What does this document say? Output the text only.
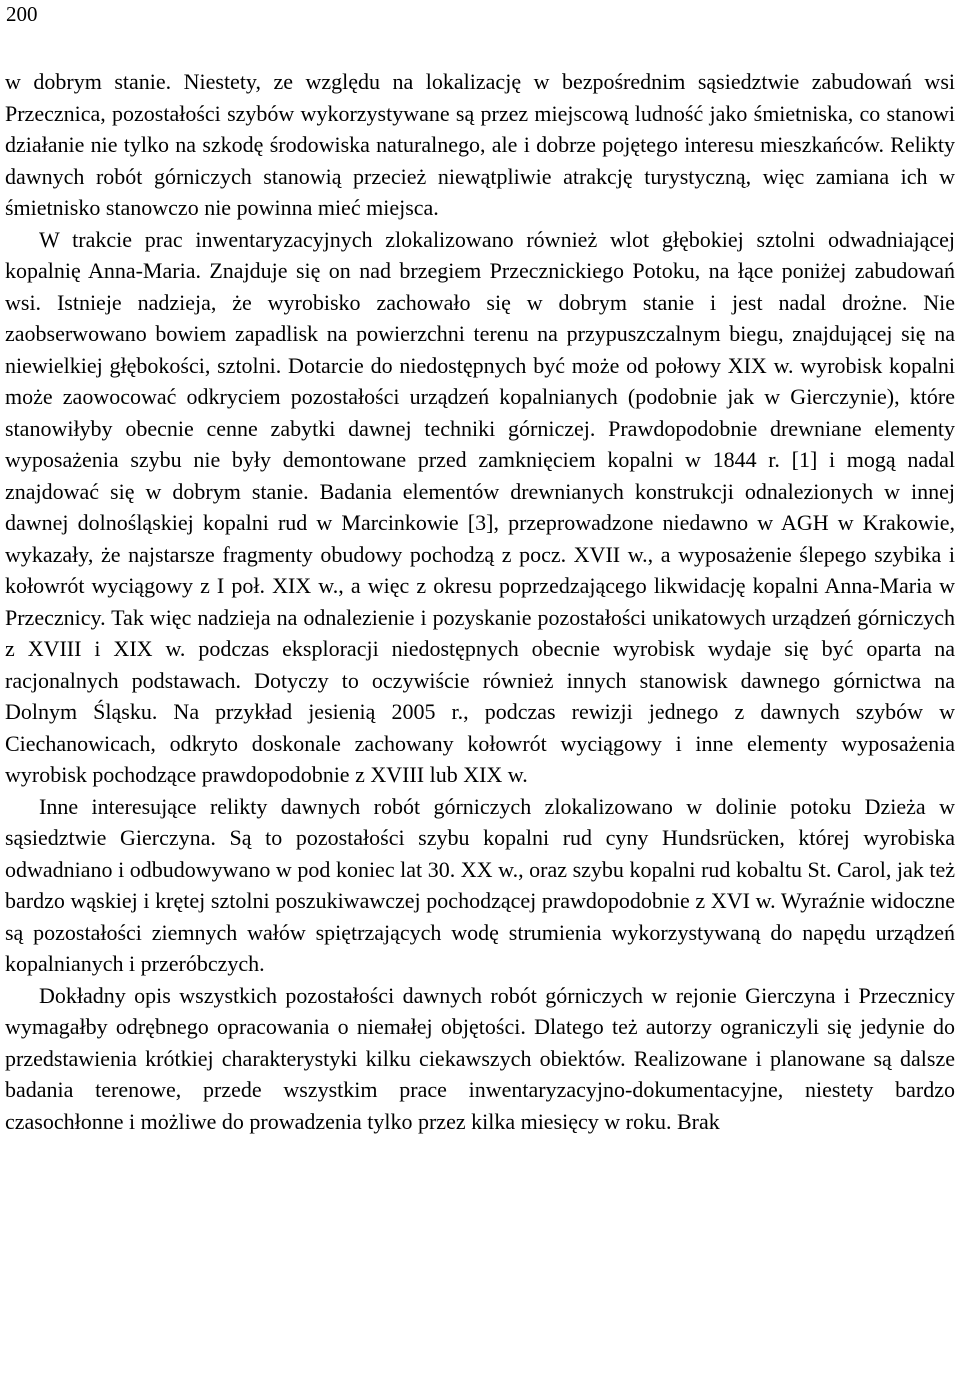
200

w dobrym stanie. Niestety, ze względu na lokalizację w bezpośrednim sąsiedztwie zabudowań wsi Przecznica, pozostałości szybów wykorzystywane są przez miejscową ludność jako śmietniska, co stanowi działanie nie tylko na szkodę środowiska naturalnego, ale i dobrze pojętego interesu mieszkańców. Relikty dawnych robót górniczych stanowią przecież niewątpliwie atrakcję turystyczną, więc zamiana ich w śmietnisko stanowczo nie powinna mieć miejsca.

W trakcie prac inwentaryzacyjnych zlokalizowano również wlot głębokiej sztolni odwadniającej kopalnię Anna-Maria. Znajduje się on nad brzegiem Przecznickiego Potoku, na łące poniżej zabudowań wsi. Istnieje nadzieja, że wyrobisko zachowało się w dobrym stanie i jest nadal drożne. Nie zaobserwowano bowiem zapadlisk na powierzchni terenu na przypuszczalnym biegu, znajdującej się na niewielkiej głębokości, sztolni. Dotarcie do niedostępnych być może od połowy XIX w. wyrobisk kopalni może zaowocować odkryciem pozostałości urządzeń kopalnianych (podobnie jak w Gierczynie), które stanowiłyby obecnie cenne zabytki dawnej techniki górniczej. Prawdopodobnie drewniane elementy wyposażenia szybu nie były demontowane przed zamknięciem kopalni w 1844 r. [1] i mogą nadal znajdować się w dobrym stanie. Badania elementów drewnianych konstrukcji odnalezionych w innej dawnej dolnośląskiej kopalni rud w Marcinkowie [3], przeprowadzone niedawno w AGH w Krakowie, wykazały, że najstarsze fragmenty obudowy pochodzą z pocz. XVII w., a wyposażenie ślepego szybika i kołowrót wyciągowy z I poł. XIX w., a więc z okresu poprzedzającego likwidację kopalni Anna-Maria w Przecznicy. Tak więc nadzieja na odnalezienie i pozyskanie pozostałości unikatowych urządzeń górniczych z XVIII i XIX w. podczas eksploracji niedostępnych obecnie wyrobisk wydaje się być oparta na racjonalnych podstawach. Dotyczy to oczywiście również innych stanowisk dawnego górnictwa na Dolnym Śląsku. Na przykład jesienią 2005 r., podczas rewizji jednego z dawnych szybów w Ciechanowicach, odkryto doskonale zachowany kołowrót wyciągowy i inne elementy wyposażenia wyrobisk pochodzące prawdopodobnie z XVIII lub XIX w.

Inne interesujące relikty dawnych robót górniczych zlokalizowano w dolinie potoku Dzieża w sąsiedztwie Gierczyna. Są to pozostałości szybu kopalni rud cyny Hundsrücken, której wyrobiska odwadniano i odbudowywano w pod koniec lat 30. XX w., oraz szybu kopalni rud kobaltu St. Carol, jak też bardzo wąskiej i krętej sztolni poszukiwawczej pochodzącej prawdopodobnie z XVI w. Wyraźnie widoczne są pozostałości ziemnych wałów spiętrzających wodę strumienia wykorzystywaną do napędu urządzeń kopalnianych i przeróbczych.

Dokładny opis wszystkich pozostałości dawnych robót górniczych w rejonie Gierczyna i Przecznicy wymagałby odrębnego opracowania o niemałej objętości. Dlatego też autorzy ograniczyli się jedynie do przedstawienia krótkiej charakterystyki kilku ciekawszych obiektów. Realizowane i planowane są dalsze badania terenowe, przede wszystkim prace inwentaryzacyjno-dokumentacyjne, niestety bardzo czasochłonne i możliwe do prowadzenia tylko przez kilka miesięcy w roku. Brak
